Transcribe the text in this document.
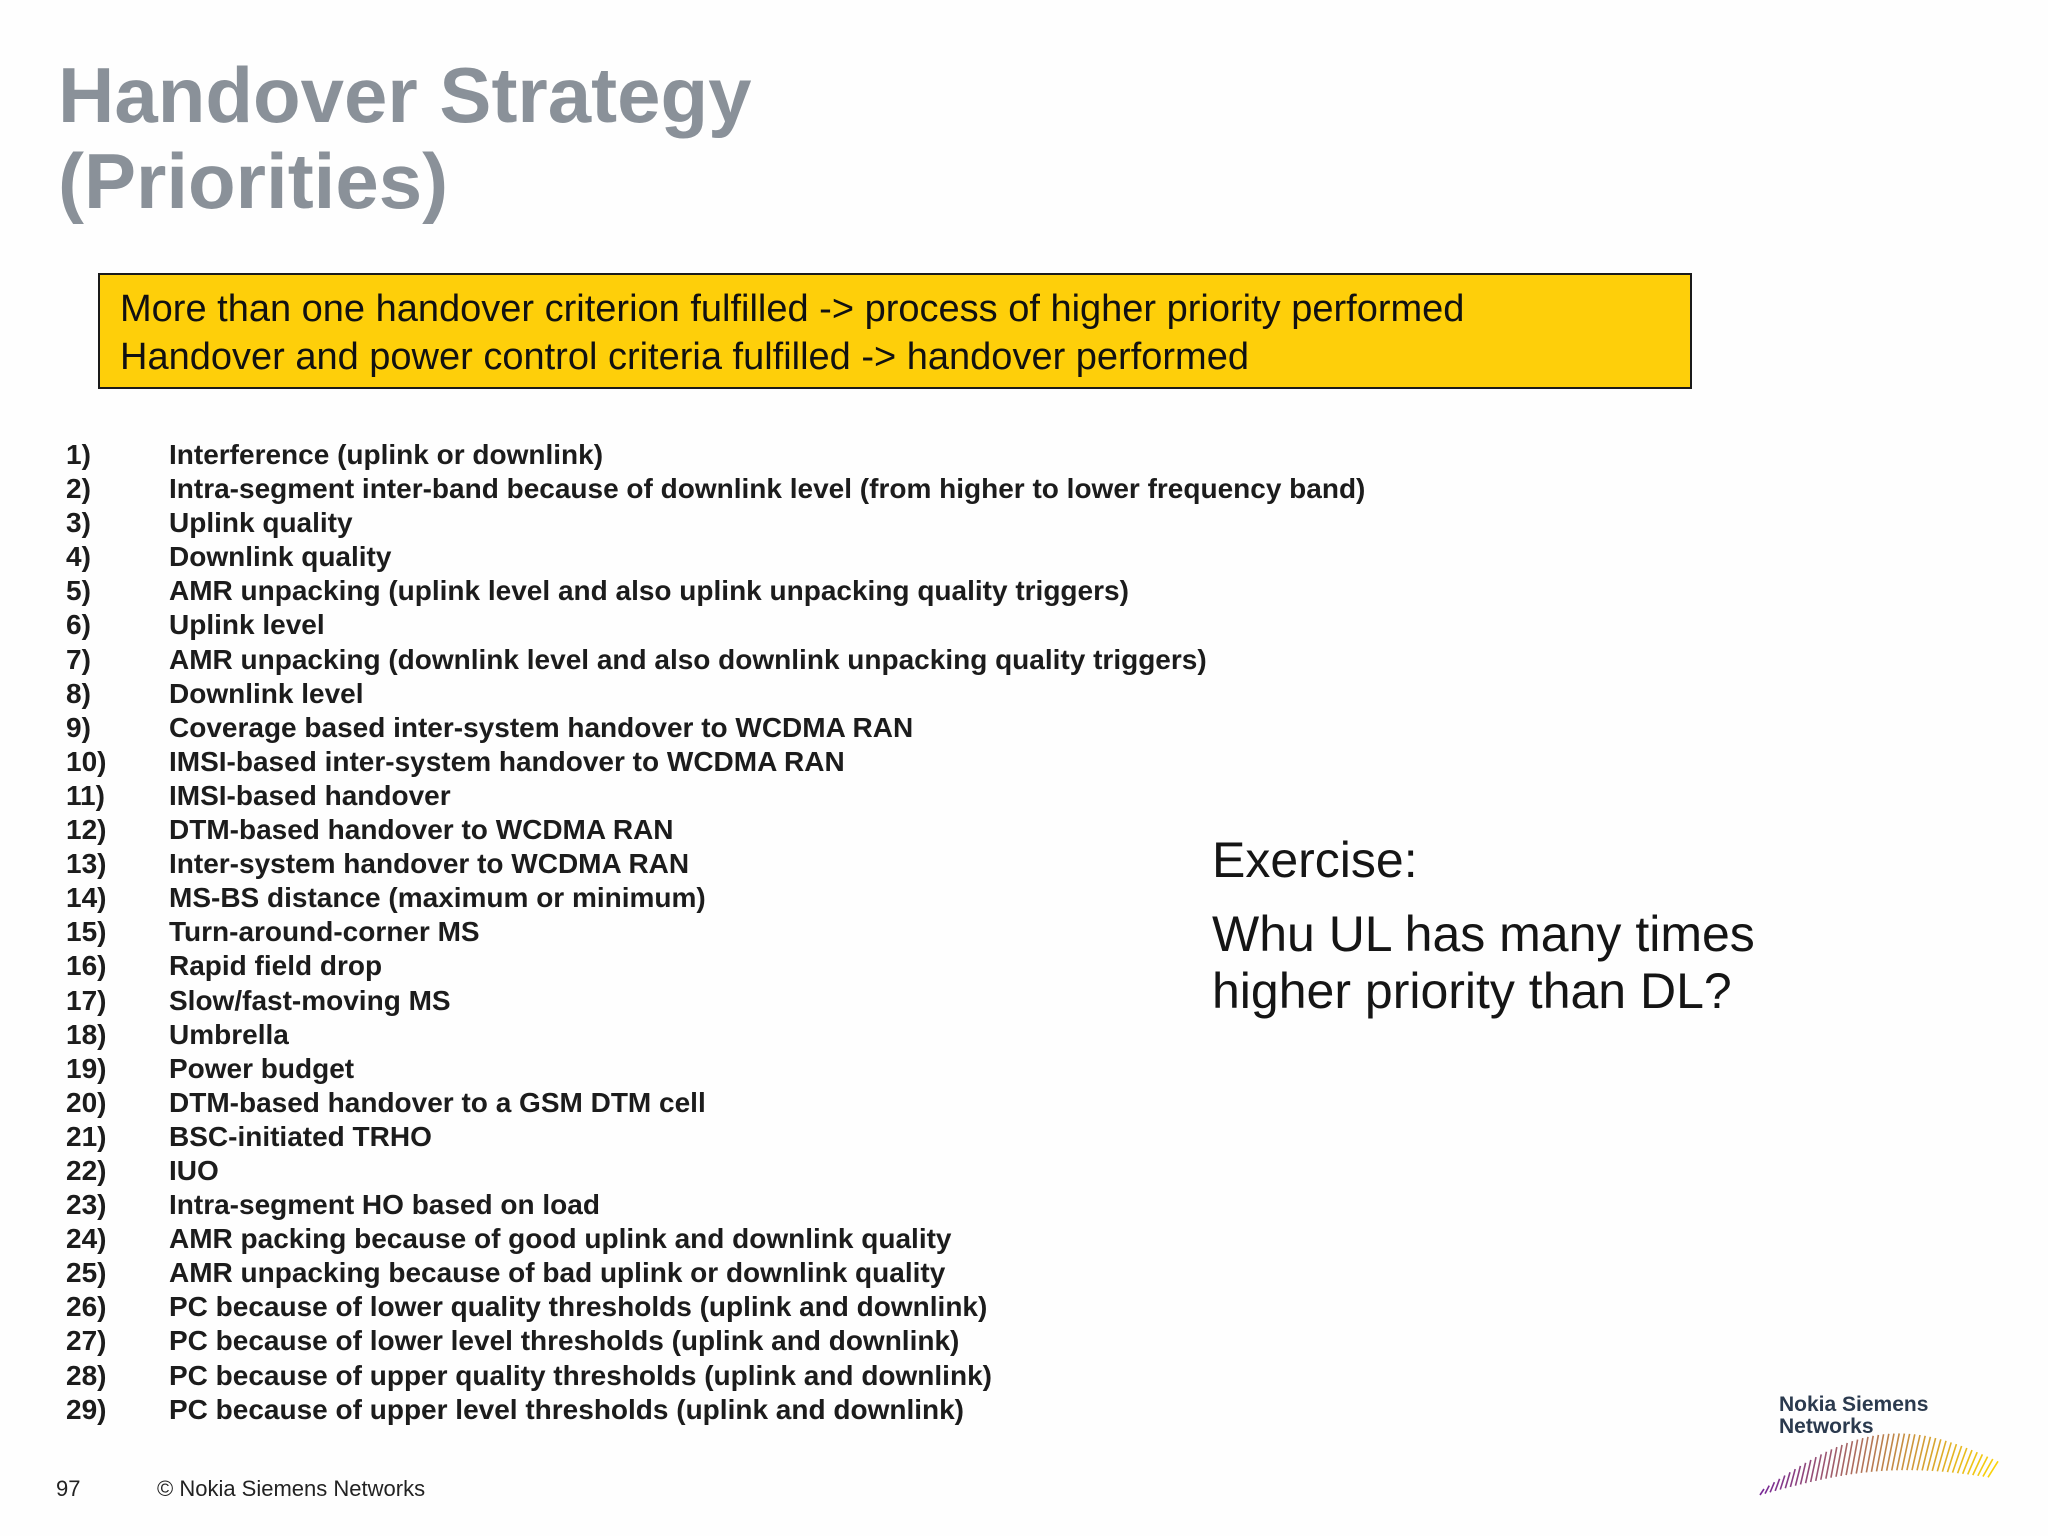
Handover Strategy
(Priorities)
More than one handover criterion fulfilled -> process of higher priority performed
Handover and power control criteria fulfilled -> handover performed
1)	Interference (uplink or downlink)
2)	Intra-segment inter-band because of downlink level (from higher to lower frequency band)
3)	Uplink quality
4)	Downlink quality
5)	AMR unpacking (uplink level and also uplink unpacking quality triggers)
6)	Uplink level
7)	AMR unpacking (downlink level and also downlink unpacking quality triggers)
8)	Downlink level
9)	Coverage based inter-system handover to WCDMA RAN
10) IMSI-based inter-system handover to WCDMA RAN
11) IMSI-based handover
12) DTM-based handover to WCDMA RAN
13) Inter-system handover to WCDMA RAN
14) MS-BS distance (maximum or minimum)
15) Turn-around-corner MS
16) Rapid field drop
17) Slow/fast-moving MS
18) Umbrella
19) Power budget
20) DTM-based handover to a GSM DTM cell
21) BSC-initiated TRHO
22) IUO
23) Intra-segment HO based on load
24) AMR packing because of good uplink and downlink quality
25) AMR unpacking because of bad uplink or downlink quality
26) PC because of lower quality thresholds (uplink and downlink)
27) PC because of lower level thresholds (uplink and downlink)
28) PC because of upper quality thresholds (uplink and downlink)
29) PC because of upper level thresholds (uplink and downlink)

Exercise:

Whu UL has many times
higher priority than DL?

97	© Nokia Siemens Networks
Nokia Siemens
Networks
